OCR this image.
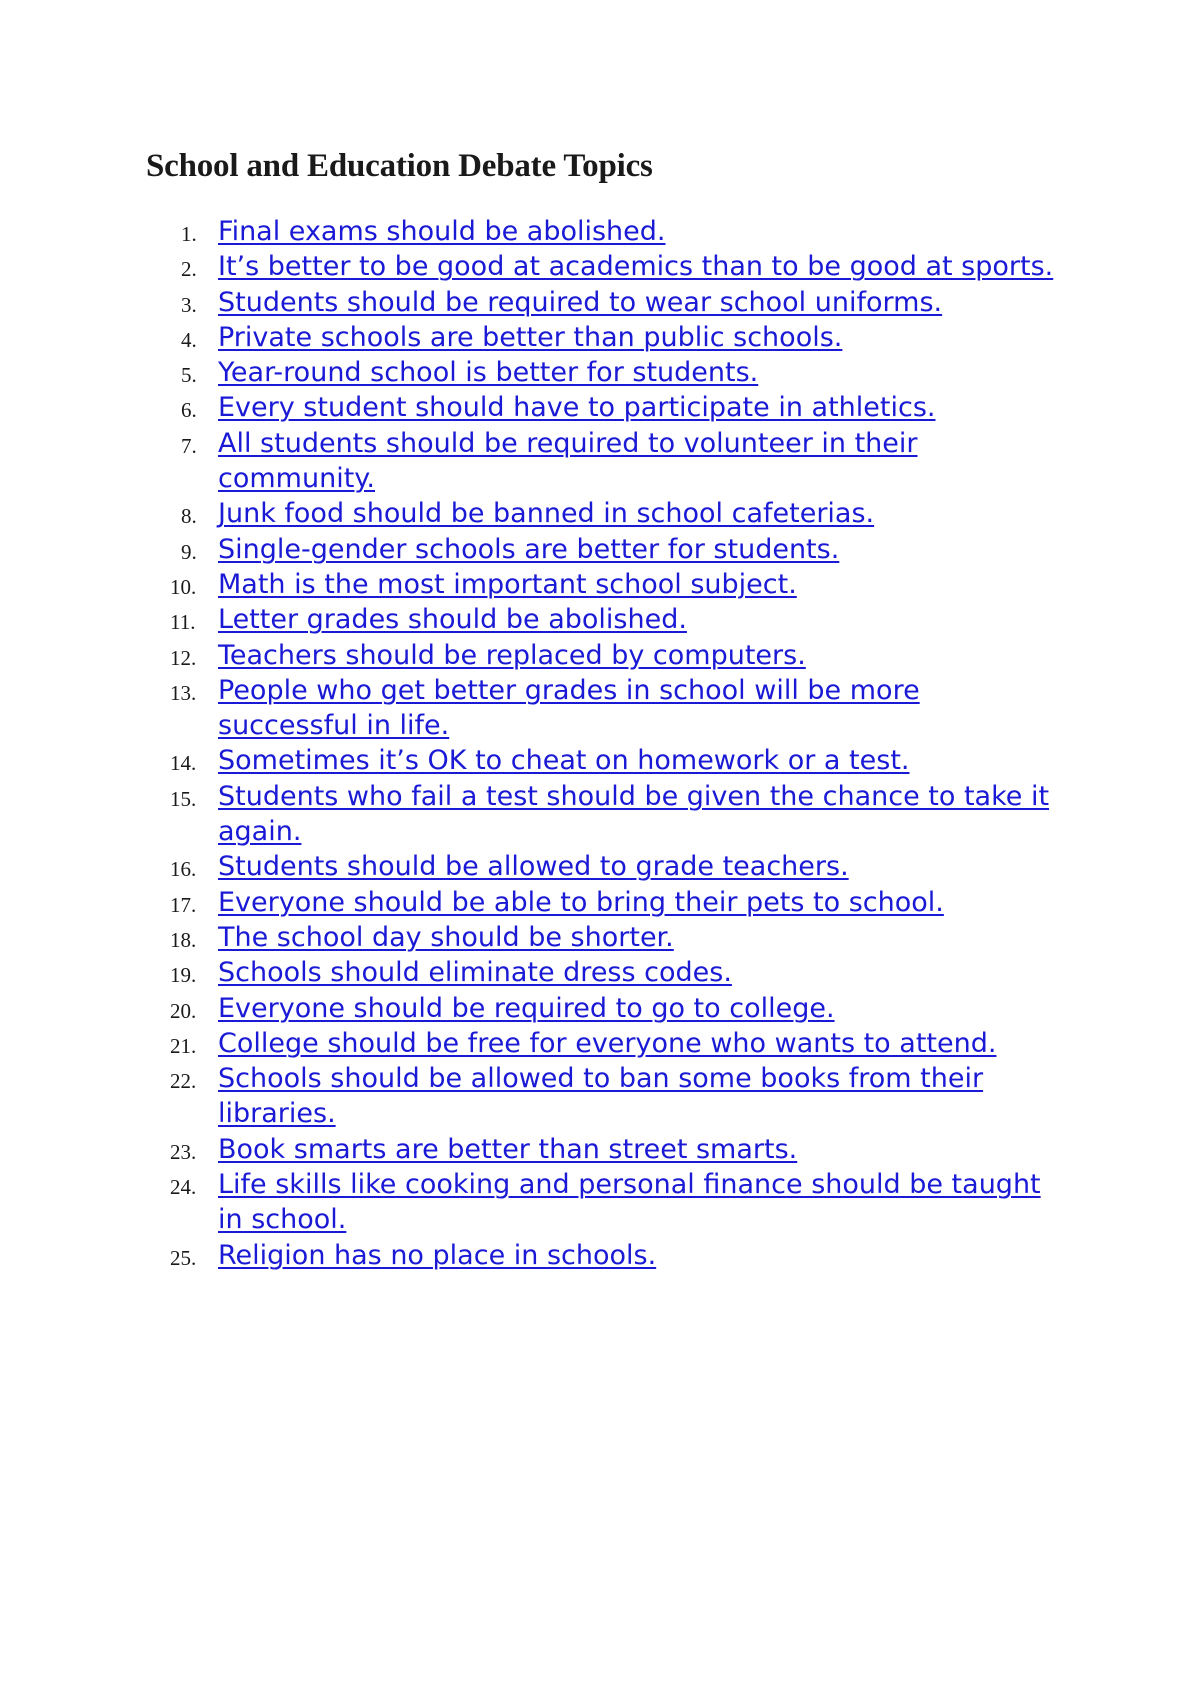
School and Education Debate Topics
1. Final exams should be abolished.
2. It’s better to be good at academics than to be good at sports.
3. Students should be required to wear school uniforms.
4. Private schools are better than public schools.
5. Year-round school is better for students.
6. Every student should have to participate in athletics.
7. All students should be required to volunteer in their community.
8. Junk food should be banned in school cafeterias.
9. Single-gender schools are better for students.
10. Math is the most important school subject.
11. Letter grades should be abolished.
12. Teachers should be replaced by computers.
13. People who get better grades in school will be more successful in life.
14. Sometimes it’s OK to cheat on homework or a test.
15. Students who fail a test should be given the chance to take it again.
16. Students should be allowed to grade teachers.
17. Everyone should be able to bring their pets to school.
18. The school day should be shorter.
19. Schools should eliminate dress codes.
20. Everyone should be required to go to college.
21. College should be free for everyone who wants to attend.
22. Schools should be allowed to ban some books from their libraries.
23. Book smarts are better than street smarts.
24. Life skills like cooking and personal finance should be taught in school.
25. Religion has no place in schools.
